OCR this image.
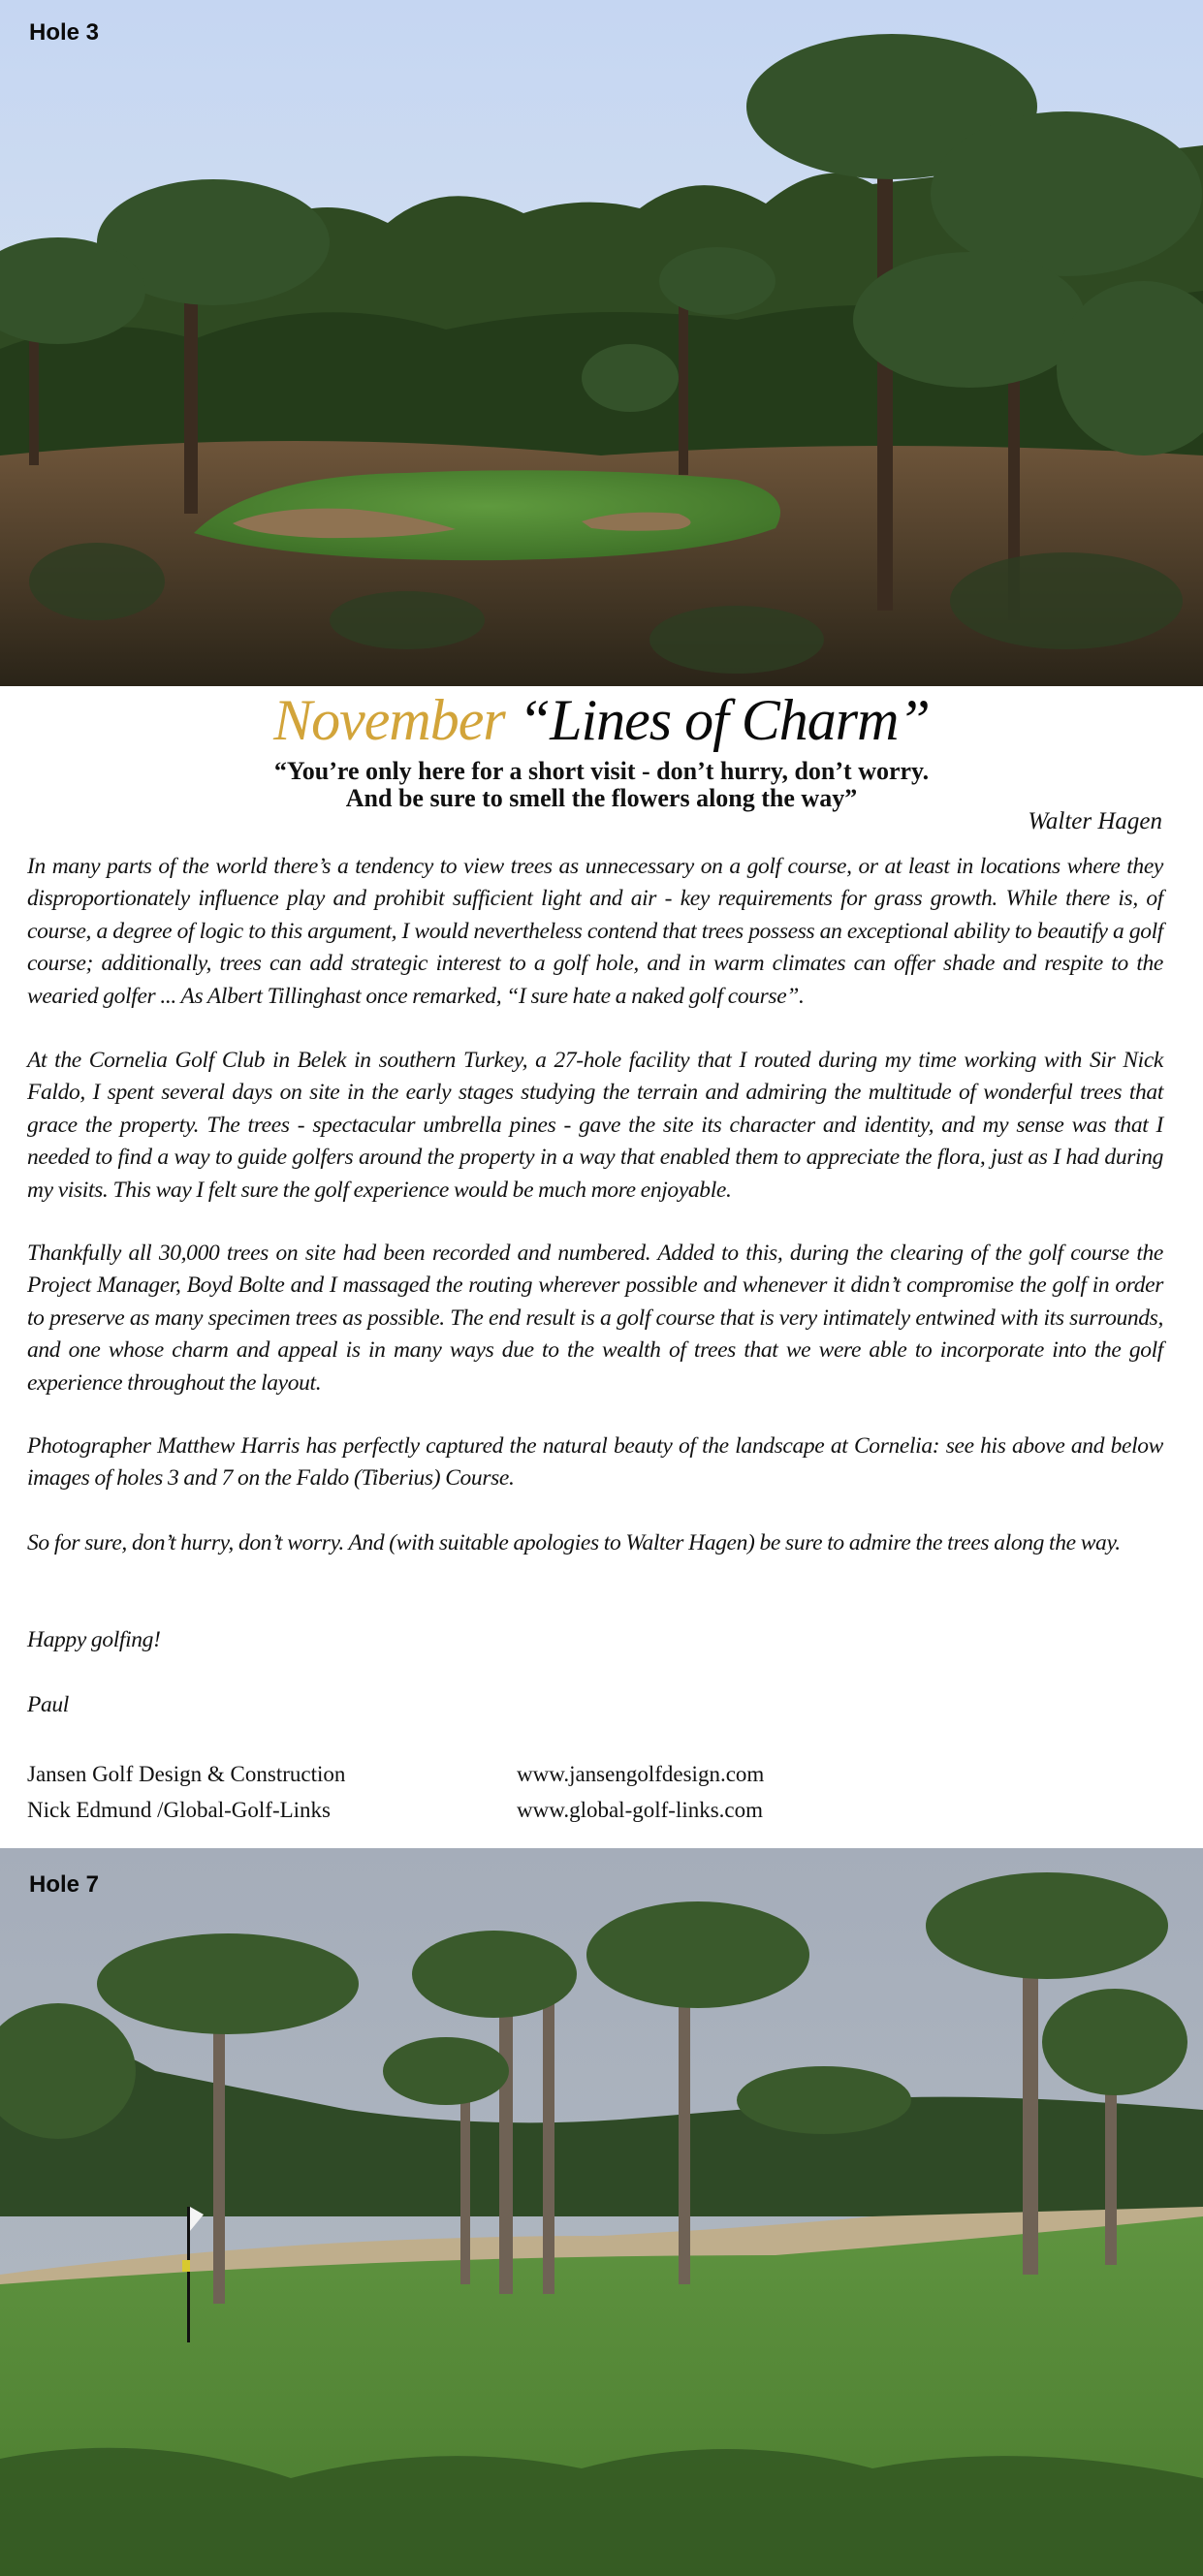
Hole 3
November “Lines of Charm”
“You’re only here for a short visit - don’t hurry, don’t worry.
And be sure to smell the flowers along the way”
Walter Hagen

In many parts of the world there’s a tendency to view trees as unnecessary on a golf course, or at least in locations where they disproportionately influence play and prohibit sufficient light and air - key requirements for grass growth. While there is, of course, a degree of logic to this argument, I would nevertheless contend that trees possess an exceptional ability to beautify a golf course; additionally, trees can add strategic interest to a golf hole, and in warm climates can offer shade and respite to the wearied golfer ... As Albert Tillinghast once remarked, “I sure hate a naked golf course”.

At the Cornelia Golf Club in Belek in southern Turkey, a 27-hole facility that I routed during my time working with Sir Nick Faldo, I spent several days on site in the early stages studying the terrain and admiring the multitude of wonderful trees that grace the property. The trees - spectacular umbrella pines - gave the site its character and identity, and my sense was that I needed to find a way to guide golfers around the property in a way that enabled them to appreciate the flora, just as I had during my visits. This way I felt sure the golf experience would be much more enjoyable.

Thankfully all 30,000 trees on site had been recorded and numbered. Added to this, during the clearing of the golf course the Project Manager, Boyd Bolte and I massaged the routing wherever possible and whenever it didn’t compromise the golf in order to preserve as many specimen trees as possible. The end result is a golf course that is very intimately entwined with its surrounds, and one whose charm and appeal is in many ways due to the wealth of trees that we were able to incorporate into the golf experience throughout the layout.

Photographer Matthew Harris has perfectly captured the natural beauty of the landscape at Cornelia: see his above and below images of holes 3 and 7 on the Faldo (Tiberius) Course.

So for sure, don’t hurry, don’t worry. And (with suitable apologies to Walter Hagen) be sure to admire the trees along the way.

Happy golfing!

Paul

Jansen Golf Design & Construction	www.jansengolfdesign.com
Nick Edmund /Global-Golf-Links	www.global-golf-links.com
Hole 7
